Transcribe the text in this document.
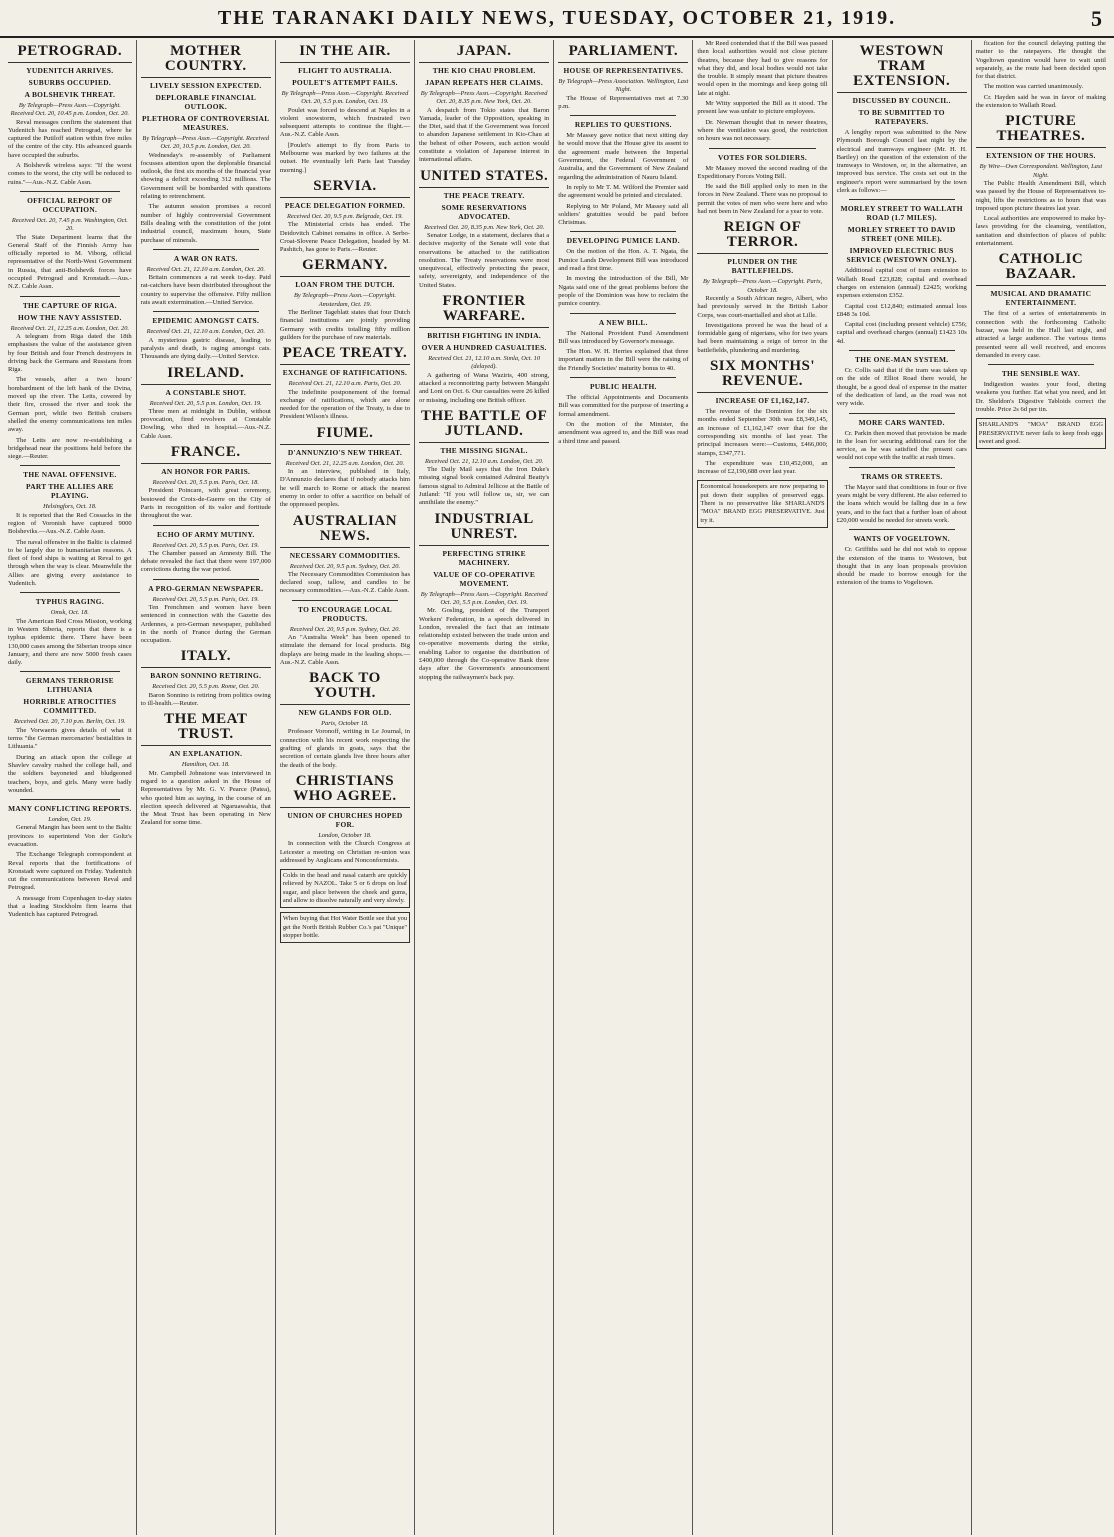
THE TARANAKI DAILY NEWS, TUESDAY, OCTOBER 21, 1919.	5
PETROGRAD.
YUDENITCH ARRIVES.
SUBURBS OCCUPIED.
A BOLSHEVIK THREAT.
By Telegraph—Press Assn.—Copyright. Received Oct. 20, 10.45 p.m. London, Oct. 20.

Reval messages confirm the statement that Yudenitch has reached Petrograd, where he captured the Putiloff station within five miles of the centre of the city. His advanced guards have occupied the suburbs.

A Bolshevik wireless says: "If the worst comes to the worst, the city will be reduced to ruins."—Aus.-N.Z. Cable Assn.

OFFICIAL REPORT OF OCCUPATION.
Received Oct. 20, 7.45 p.m. Washington, Oct. 20.

The State Department learns that the General Staff of the Finnish Army has officially reported to M. Viborg, official representative of the North-West Government in Russia, that anti-Bolshevik forces have occupied Petrograd and Kronstadt.—Aus.-N.Z. Cable Assn.

THE CAPTURE OF RIGA.
HOW THE NAVY ASSISTED.
Received Oct. 21, 12.25 a.m. London, Oct. 20.

A telegram from Riga dated the 18th emphasises the value of the assistance given by four British and four French destroyers in driving back the Germans and Russians from Riga.

The vessels, after a two hours' bombardment of the left bank of the Dvina, moved up the river. The Letts, covered by their fire, crossed the river and took the German port, while two British cruisers shelled the enemy communications ten miles away.

The Letts are now re-establishing a bridgehead near the positions held before the siege.—Reuter.

THE NAVAL OFFENSIVE.
PART THE ALLIES ARE PLAYING.
Helsingfors, Oct. 18.

It is reported that the Red Cossacks in the region of Voronish have captured 9000 Bolsheviks.—Aus.-N.Z. Cable Assn.

The naval offensive in the Baltic is claimed to be largely due to humanitarian reasons. A fleet of food ships is waiting at Reval to get through when the way is clear. Meanwhile the Allies are giving every assistance to Yudenitch.

TYPHUS RAGING.
Omsk, Oct. 18.

The American Red Cross Mission, working in Western Siberia, reports that there is a typhus epidemic there. There have been 130,000 cases among the Siberian troops since January, and there are now 5000 fresh cases daily.

GERMANS TERRORISE LITHUANIA
HORRIBLE ATROCITIES COMMITTED.
Received Oct. 20, 7.10 p.m. Berlin, Oct. 19.

The Vorwaerts gives details of what it terms "the German mercenaries' bestialities in Lithuania."

During an attack upon the college at Shavlev cavalry rushed the college hall, and the soldiers bayoneted and bludgeoned teachers, boys, and girls. Many were badly wounded.

MANY CONFLICTING REPORTS.
London, Oct. 19.

General Mangin has been sent to the Baltic provinces to superintend Von der Goltz's evacuation.

The Exchange Telegraph correspondent at Reval reports that the fortifications of Kronstadt were captured on Friday. Yudenitch cut the communications between Reval and Petrograd.

A message from Copenhagen to-day states that a leading Stockholm firm learns that Yudenitch has captured Petrograd.

MOTHER COUNTRY.
LIVELY SESSION EXPECTED.
DEPLORABLE FINANCIAL OUTLOOK.
PLETHORA OF CONTROVERSIAL MEASURES.
By Telegraph—Press Assn.—Copyright. Received Oct. 20, 10.5 p.m. London, Oct. 20.

Wednesday's re-assembly of Parliament focusses attention upon the deplorable financial outlook, the first six months of the financial year showing a deficit exceeding 312 millions. The Government will be bombarded with questions relating to retrenchment.

The autumn session promises a record number of highly controversial Government Bills dealing with the constitution of the joint industrial council, maximum hours, State purchase of minerals.

A WAR ON RATS.
Received Oct. 21, 12.10 a.m. London, Oct. 20.

Britain commences a rat week to-day. Paid rat-catchers have been distributed throughout the country to supervise the offensive. Fifty million rats await extermination.—United Service.

EPIDEMIC AMONGST CATS.
Received Oct. 21, 12.10 a.m. London, Oct. 20.

A mysterious gastric disease, leading to paralysis and death, is raging amongst cats. Thousands are dying daily.—United Service.

IRELAND.
A CONSTABLE SHOT.
Received Oct. 20, 5.5 p.m. London, Oct. 19.

Three men at midnight in Dublin, without provocation, fired revolvers at Constable Dowling, who died in hospital.—Aus.-N.Z. Cable Assn.

FRANCE.
AN HONOR FOR PARIS.
Received Oct. 20, 5.5 p.m. Paris, Oct. 18.

President Poincare, with great ceremony, bestowed the Croix-de-Guerre on the City of Paris in recognition of its valor and fortitude throughout the war.

ECHO OF ARMY MUTINY.
Received Oct. 20, 5.5 p.m. Paris, Oct. 19.

The Chamber passed an Amnesty Bill. The debate revealed the fact that there were 197,000 convictions during the war period.

A PRO-GERMAN NEWSPAPER.
Received Oct. 20, 5.5 p.m. Paris, Oct. 19.

Ten Frenchmen and women have been sentenced in connection with the Gazette des Ardennes, a pro-German newspaper, published in the north of France during the German occupation.

ITALY.
BARON SONNINO RETIRING.
Received Oct. 20, 5.5 p.m. Rome, Oct. 20.

Baron Sonnino is retiring from politics owing to ill-health.—Reuter.

THE MEAT TRUST.
AN EXPLANATION.
Hamilton, Oct. 18.

Mr. Campbell Johnstone was interviewed in regard to a question asked in the House of Representatives by Mr. G. V. Pearce (Patea), who quoted him as saying, in the course of an election speech delivered at Ngaruawahia, that the Meat Trust has been operating in New Zealand for some time.

IN THE AIR.
FLIGHT TO AUSTRALIA.
POULET'S ATTEMPT FAILS.
By Telegraph—Press Assn.—Copyright. Received Oct. 20, 5.5 p.m. London, Oct. 19.

Poulet was forced to descend at Naples in a violent snowstorm, which frustrated two subsequent attempts to continue the flight.—Aus.-N.Z. Cable Assn.

[Poulet's attempt to fly from Paris to Melbourne was marked by two failures at the outset. He eventually left Paris last Tuesday morning.]

SERVIA.
PEACE DELEGATION FORMED.
Received Oct. 20, 9.5 p.m. Belgrade, Oct. 19.

The Ministerial crisis has ended. The Deidovitch Cabinet remains in office. A Serbo-Croat-Slovene Peace Delegation, headed by M. Pashitch, has gone to Paris.—Reuter.

GERMANY.
LOAN FROM THE DUTCH.
By Telegraph—Press Assn.—Copyright. Amsterdam, Oct. 19.

The Berliner Tageblatt states that four Dutch financial institutions are jointly providing Germany with credits totalling fifty million guilders for the purchase of raw materials.

PEACE TREATY.
EXCHANGE OF RATIFICATIONS.
Received Oct. 21, 12.10 a.m. Paris, Oct. 20.

The indefinite postponement of the formal exchange of ratifications, which are alone needed for the operation of the Treaty, is due to President Wilson's illness.

FIUME.
D'ANNUNZIO'S NEW THREAT.
Received Oct. 21, 12.25 a.m. London, Oct. 20.

In an interview, published in Italy, D'Annunzio declares that if nobody attacks him he will march to Rome or attack the nearest enemy in order to offer a sacrifice on behalf of the oppressed peoples.

AUSTRALIAN NEWS.
NECESSARY COMMODITIES.
Received Oct. 20, 9.5 p.m. Sydney, Oct. 20.

The Necessary Commodities Commission has declared soap, tallow, and candles to be necessary commodities.—Aus.-N.Z. Cable Assn.

TO ENCOURAGE LOCAL PRODUCTS.
Received Oct. 20, 9.5 p.m. Sydney, Oct. 20.

An "Australia Week" has been opened to stimulate the demand for local products. Big displays are being made in the leading shops.—Aus.-N.Z. Cable Assn.

BACK TO YOUTH.
NEW GLANDS FOR OLD.
Paris, October 18.

Professor Voronoff, writing in Le Journal, in connection with his recent work respecting the grafting of glands in goats, says that the secretion of certain glands live three hours after the death of the body.

CHRISTIANS WHO AGREE.
UNION OF CHURCHES HOPED FOR.
London, October 18.

In connection with the Church Congress at Leicester a meeting on Christian re-union was addressed by Anglicans and Nonconformists.

Colds in the head and nasal catarrh are quickly relieved by NAZOL. Take 5 or 6 drops on loaf sugar, and place between the cheek and gums, and allow to dissolve naturally and very slowly.
When buying that Hot Water Bottle see that you get the North British Rubber Co.'s pat "Unique" stopper bottle.
JAPAN.
THE KIO CHAU PROBLEM.
JAPAN REPEATS HER CLAIMS.
By Telegraph—Press Assn.—Copyright. Received Oct. 20, 8.35 p.m. New York, Oct. 20.

A despatch from Tokio states that Baron Yamada, leader of the Opposition, speaking in the Diet, said that if the Government was forced to abandon Japanese settlement in Kio-Chau at the behest of other Powers, such action would constitute a violation of Japanese interest in international affairs.

UNITED STATES.
THE PEACE TREATY.
SOME RESERVATIONS ADVOCATED.
Received Oct. 20, 8.35 p.m. New York, Oct. 20.

Senator Lodge, in a statement, declares that a decisive majority of the Senate will vote that reservations be attached to the ratification resolution. The Treaty reservations were most unequivocal, effectively protecting the peace, safety, sovereignty, and independence of the United States.

FRONTIER WARFARE.
BRITISH FIGHTING IN INDIA.
OVER A HUNDRED CASUALTIES.
Received Oct. 21, 12.10 a.m. Simla, Oct. 10 (delayed).

A gathering of Wana Waziris, 400 strong, attacked a reconnoitring party between Mangshi and Loni on Oct. 6. Our casualties were 26 killed or missing, including one British officer.

THE BATTLE OF JUTLAND.
THE MISSING SIGNAL.
Received Oct. 21, 12.10 a.m. London, Oct. 20.

The Daily Mail says that the Iron Duke's missing signal book contained Admiral Beatty's famous signal to Admiral Jellicoe at the Battle of Jutland: "If you will follow us, sir, we can annihilate the enemy."

INDUSTRIAL UNREST.
PERFECTING STRIKE MACHINERY.
VALUE OF CO-OPERATIVE MOVEMENT.
By Telegraph—Press Assn.—Copyright. Received Oct. 20, 5.5 p.m. London, Oct. 19.

Mr. Gosling, president of the Transport Workers' Federation, in a speech delivered in London, revealed the fact that an intimate relationship existed between the trade union and co-operative movements during the strike, enabling Labor to organise the distribution of £400,000 through the Co-operative Bank three days after the Government's announcement stopping the railwaymen's back pay.

PARLIAMENT.
HOUSE OF REPRESENTATIVES.
By Telegraph—Press Association. Wellington, Last Night.

The House of Representatives met at 7.30 p.m.

REPLIES TO QUESTIONS.

Mr Massey gave notice that next sitting day he would move that the House give its assent to the agreement made between the Imperial Government, the Federal Government of Australia, and the Government of New Zealand regarding the administration of Nauru Island.

In reply to Mr T. M. Wilford the Premier said the agreement would be printed and circulated.

Replying to Mr Poland, Mr Massey said all soldiers' gratuities would be paid before Christmas.

DEVELOPING PUMICE LAND.

On the motion of the Hon. A. T. Ngata, the Pumice Lands Development Bill was introduced and read a first time.

In moving the introduction of the Bill, Mr Ngata said one of the great problems before the people of the Dominion was how to reclaim the pumice country.

A NEW BILL.

The National Provident Fund Amendment Bill was introduced by Governor's message.

The Hon. W. H. Herries explained that three important matters in the Bill were the raising of the Friendly Societies' maturity bonus to 40.

PUBLIC HEALTH.

The official Appointments and Documents Bill was committed for the purpose of inserting a formal amendment.

On the motion of the Minister, the amendment was agreed to, and the Bill was read a third time and passed.

Mr Reed contended that if the Bill was passed then local authorities would not close picture theatres, because they had to give reasons for what they did, and local bodies would not take the trouble. It simply meant that picture theatres would open in the mornings and keep going till late at night.

Mr Witty supported the Bill as it stood. The present law was unfair to picture employees.

Dr. Newman thought that in newer theatres, where the ventilation was good, the restriction on hours was not necessary.

VOTES FOR SOLDIERS.

Mr Massey moved the second reading of the Expeditionary Forces Voting Bill.

He said the Bill applied only to men in the forces in New Zealand. There was no proposal to permit the votes of men who were here and who had not been in New Zealand for a year to vote.

REIGN OF TERROR.
PLUNDER ON THE BATTLEFIELDS.
By Telegraph—Press Assn.—Copyright. Paris, October 18.

Recently a South African negro, Albert, who had previously served in the British Labor Corps, was court-martialled and shot at Lille.

Investigations proved he was the head of a formidable gang of nigerians, who for two years had been maintaining a reign of terror in the battlefields, plundering and murdering.

SIX MONTHS' REVENUE.
INCREASE OF £1,162,147.

The revenue of the Dominion for the six months ended September 30th was £8,349,145, an increase of £1,162,147 over that for the corresponding six months of last year. The principal increases were:—Customs, £466,000; stamps, £347,771.

The expenditure was £10,452,000, an increase of £2,190,688 over last year.

Economical housekeepers are now preparing to put down their supplies of preserved eggs. There is no preservative like SHARLAND'S "MOA" BRAND EGG PRESERVATIVE. Just try it.
WESTOWN TRAM EXTENSION.
DISCUSSED BY COUNCIL.
TO BE SUBMITTED TO RATEPAYERS.

A lengthy report was submitted to the New Plymouth Borough Council last night by the electrical and tramways engineer (Mr. H. H. Bartley) on the question of the extension of the tramways to Westown, or, in the alternative, an improved bus service. The costs set out in the engineer's report were summarised by the town clerk as follows:—

MORLEY STREET TO WALLATH ROAD (1.7 MILES).
MORLEY STREET TO DAVID STREET (ONE MILE).
IMPROVED ELECTRIC BUS SERVICE (WESTOWN ONLY).

Additional capital cost of tram extension to Wallath Road £23,828; capital and overhead charges on extension (annual) £2425; working expenses extension £352.

Capital cost £12,840; estimated annual loss £848 3s 10d.

Capital cost (including present vehicle) £756; capital and overhead charges (annual) £1423 10s 4d.

THE ONE-MAN SYSTEM.

Cr. Collis said that if the tram was taken up on the side of Elliot Road there would, he thought, be a good deal of expense in the matter of the dedication of land, as the road was not very wide.

MORE CARS WANTED.

Cr. Parkin then moved that provision be made in the loan for securing additional cars for the service, as he was satisfied the present cars would not cope with the traffic at rush times.

TRAMS OR STREETS.

The Mayor said that conditions in four or five years might be very different. He also referred to the loans which would be falling due in a few years, and to the fact that a further loan of about £20,000 would be needed for streets work.

WANTS OF VOGELTOWN.

Cr. Griffiths said he did not wish to oppose the extension of the trams to Westown, but thought that in any loan proposals provision should be made to borrow enough for the extension of the trams to Vogeltown.

fication for the council delaying putting the matter to the ratepayers. He thought the Vogeltown question would have to wait until separately, as the route had been decided upon for that district.

The motion was carried unanimously.

Cr. Hayden said he was in favor of making the extension to Wallath Road.

PICTURE THEATRES.
EXTENSION OF THE HOURS.
By Wire—Own Correspondent. Wellington, Last Night.

The Public Health Amendment Bill, which was passed by the House of Representatives to-night, lifts the restrictions as to hours that was imposed upon picture theatres last year.

Local authorities are empowered to make by-laws providing for the cleansing, ventilation, sanitation and disinfection of places of public entertainment.

CATHOLIC BAZAAR.
MUSICAL AND DRAMATIC ENTERTAINMENT.

The first of a series of entertainments in connection with the forthcoming Catholic bazaar, was held in the Hall last night, and attracted a large audience. The various items presented were all well received, and encores demanded in every case.

THE SENSIBLE WAY.

Indigestion wastes your food, dieting weakens you further. Eat what you need, and let Dr. Sheldon's Digestive Tabloids correct the trouble. Price 2s 6d per tin.

SHARLAND'S "MOA" BRAND EGG PRESERVATIVE never fails to keep fresh eggs sweet and good.
